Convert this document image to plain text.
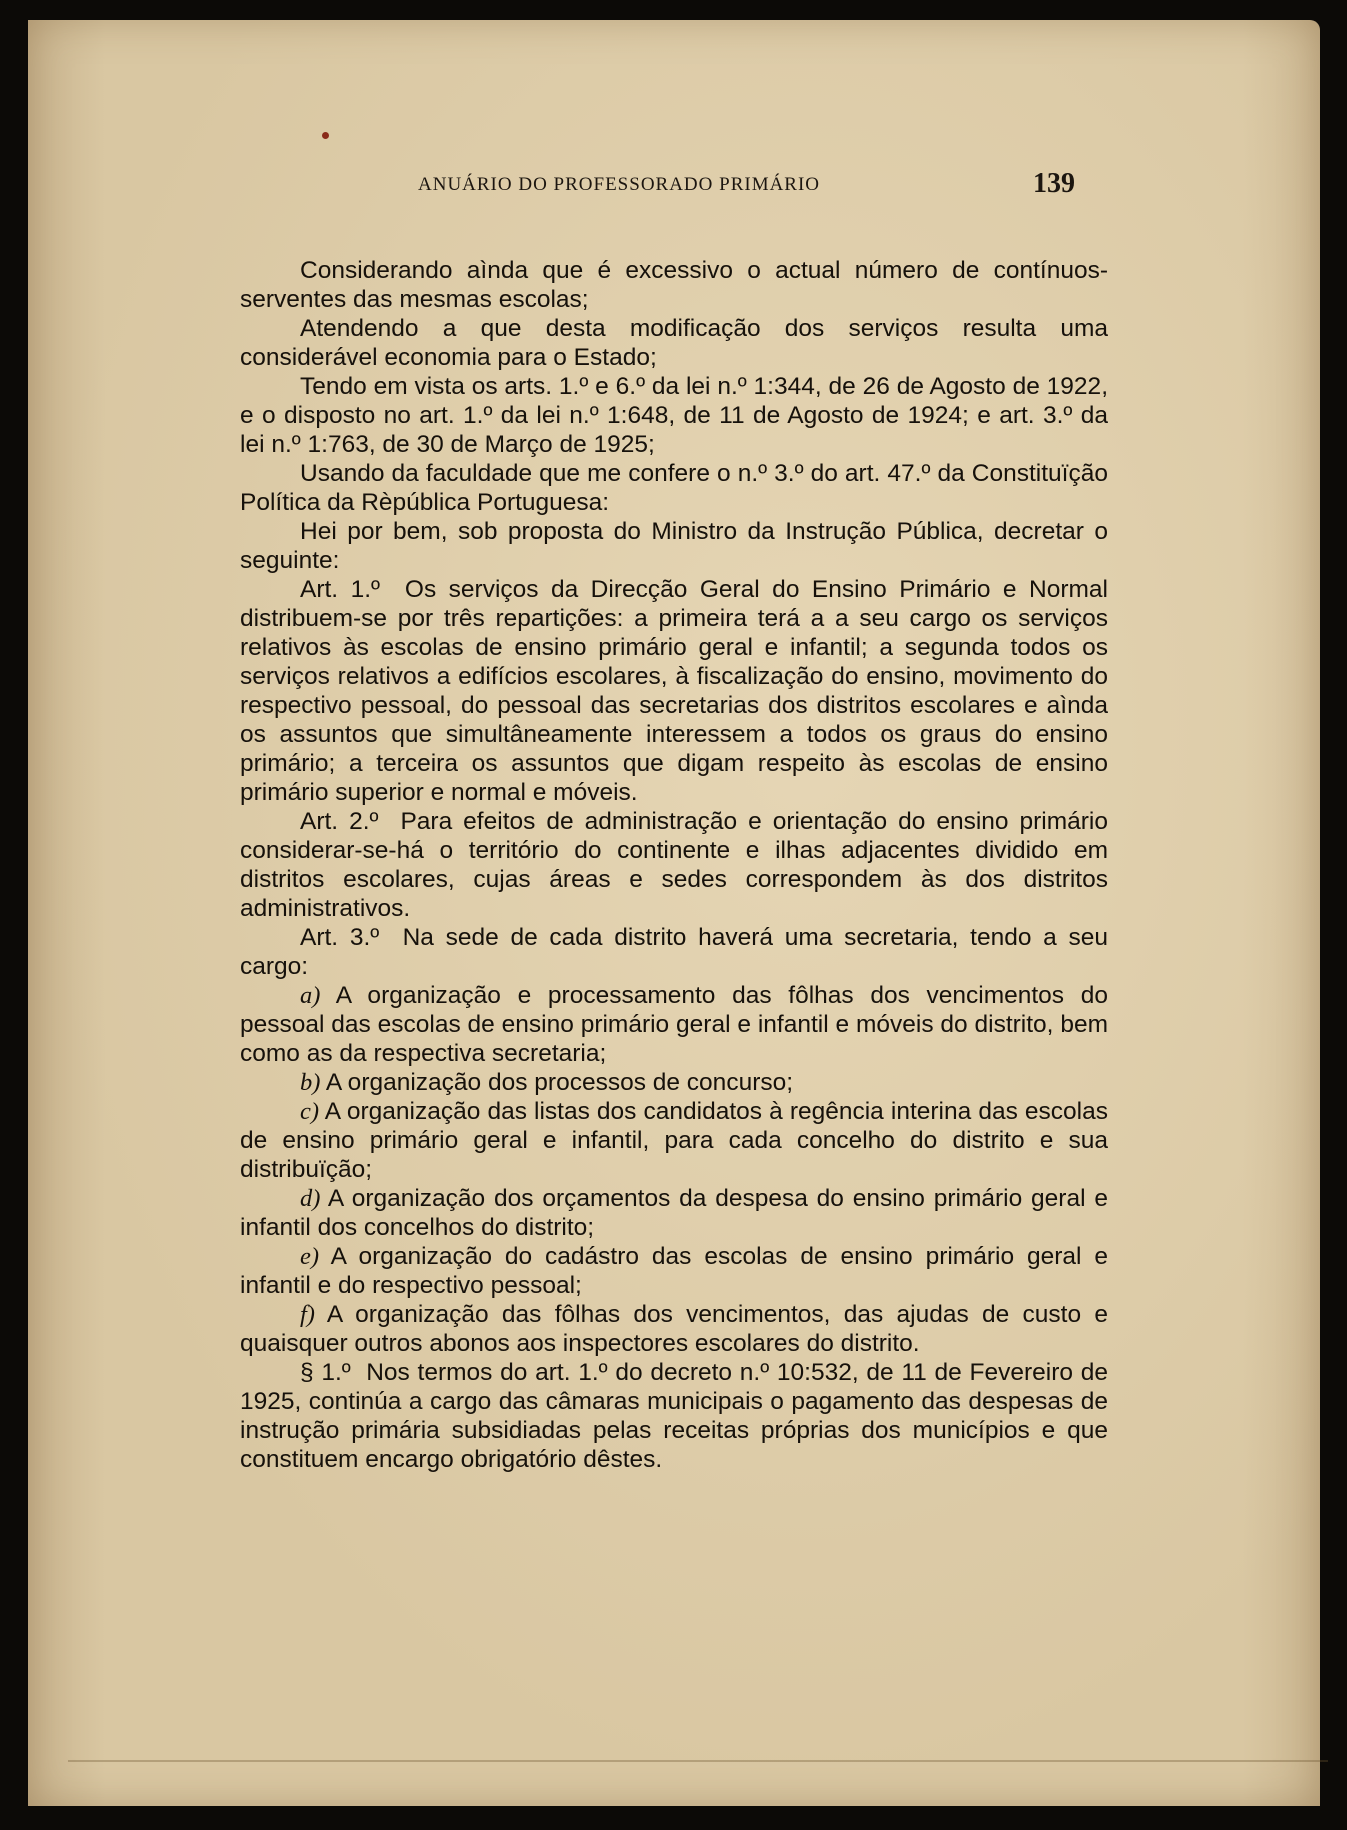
ANUÁRIO DO PROFESSORADO PRIMÁRIO	139

Considerando aìnda que é excessivo o actual número de contínuos-serventes das mesmas escolas;

Atendendo a que desta modificação dos serviços resulta uma considerável economia para o Estado;

Tendo em vista os arts. 1.º e 6.º da lei n.º 1:344, de 26 de Agosto de 1922, e o disposto no art. 1.º da lei n.º 1:648, de 11 de Agosto de 1924; e art. 3.º da lei n.º 1:763, de 30 de Março de 1925;

Usando da faculdade que me confere o n.º 3.º do art. 47.º da Constituïção Política da Rèpública Portuguesa:

Hei por bem, sob proposta do Ministro da Instrução Pública, decretar o seguinte:

Art. 1.º Os serviços da Direcção Geral do Ensino Primário e Normal distribuem-se por três repartições: a primeira terá a a seu cargo os serviços relativos às escolas de ensino primário geral e infantil; a segunda todos os serviços relativos a edifícios escolares, à fiscalização do ensino, movimento do respectivo pessoal, do pessoal das secretarias dos distritos escolares e aìnda os assuntos que simultâneamente interessem a todos os graus do ensino primário; a terceira os assuntos que digam respeito às escolas de ensino primário superior e normal e móveis.

Art. 2.º Para efeitos de administração e orientação do ensino primário considerar-se-há o território do continente e ilhas adjacentes dividido em distritos escolares, cujas áreas e sedes correspondem às dos distritos administrativos.

Art. 3.º Na sede de cada distrito haverá uma secretaria, tendo a seu cargo:

a) A organização e processamento das fôlhas dos vencimentos do pessoal das escolas de ensino primário geral e infantil e móveis do distrito, bem como as da respectiva secretaria;

b) A organização dos processos de concurso;

c) A organização das listas dos candidatos à regência interina das escolas de ensino primário geral e infantil, para cada concelho do distrito e sua distribuïção;

d) A organização dos orçamentos da despesa do ensino primário geral e infantil dos concelhos do distrito;

e) A organização do cadástro das escolas de ensino primário geral e infantil e do respectivo pessoal;

f) A organização das fôlhas dos vencimentos, das ajudas de custo e quaisquer outros abonos aos inspectores escolares do distrito.

§ 1.º Nos termos do art. 1.º do decreto n.º 10:532, de 11 de Fevereiro de 1925, continúa a cargo das câmaras municipais o pagamento das despesas de instrução primária subsidiadas pelas receitas próprias dos municípios e que constituem encargo obrigatório dêstes.
